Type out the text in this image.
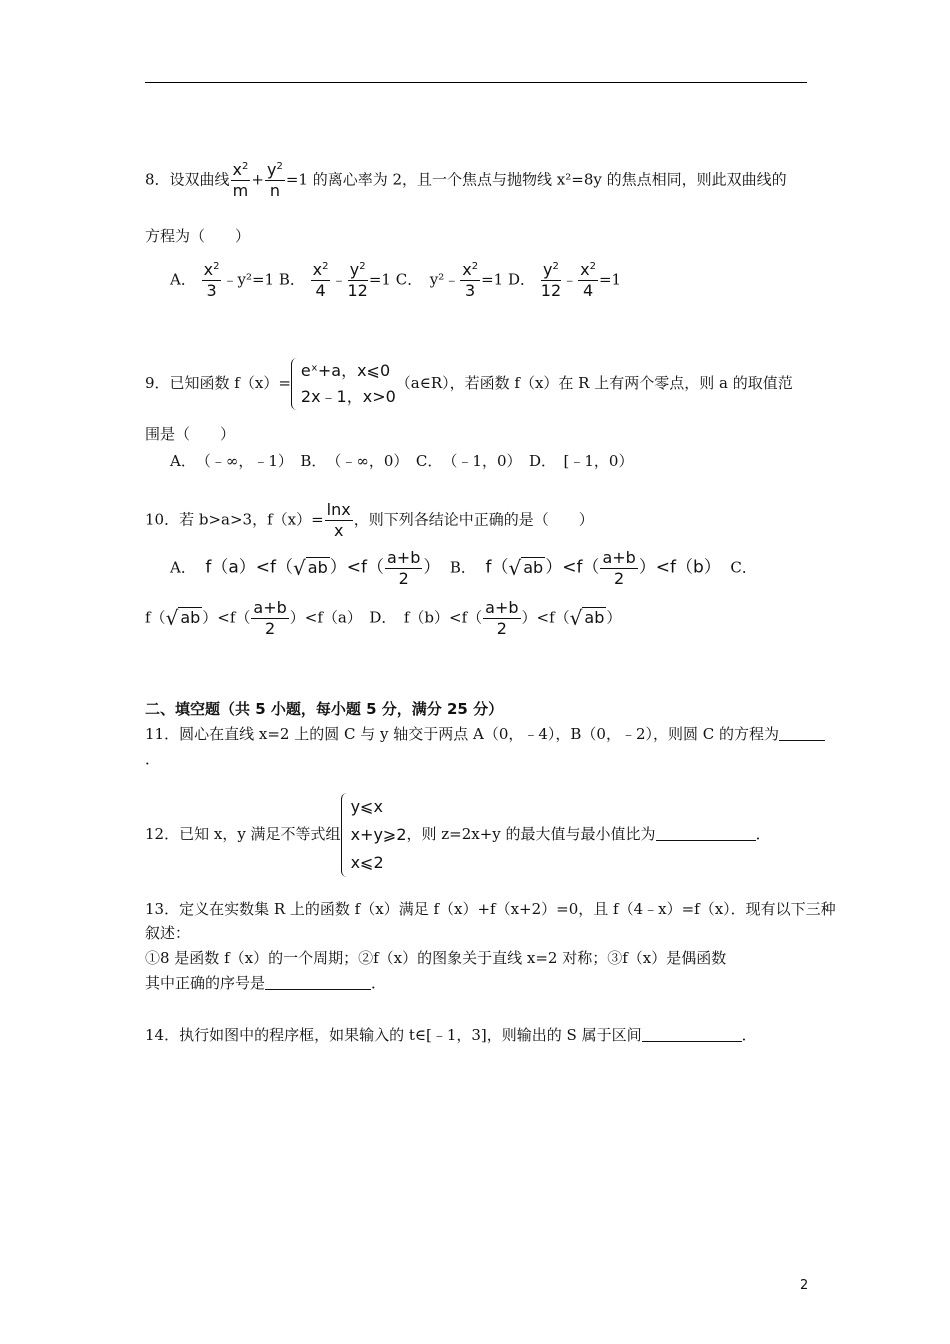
8．设双曲线 $\frac{x^2}{m} + \frac{y^2}{n} =1$ 的离心率为 2，且一个焦点与抛物线 x²=8y 的焦点相同，则此双曲线的
方程为（　　）
A． $\frac{x^2}{3}$ ﹣y²=1 B． $\frac{x^2}{4}$ ﹣ $\frac{y^2}{12} =1$ C．　y²﹣ $\frac{x^2}{3} =1$ D． $\frac{y^2}{12}$ ﹣ $\frac{x^2}{4} =1$
9．已知函数 f（x）=
eˣ+a，x⩽0
2x﹣1，x>0
（a∈R），若函数 f（x）在 R 上有两个零点，则 a 的取值范
围是（　　）
A．　（﹣∞，﹣1）　B．　（﹣∞，0）　C．　（﹣1，0）　D．　[﹣1，0）
10．若 b>a>3，$f(x)= \frac{\ln x}{x}$ ，则下列各结论中正确的是（　　）
A． f（a）<f（√ ab ）$<f( \frac{a+b}{2}$ ） B． f（√ ab ）$<f( \frac{a+b}{2} )<f(b)$ C．
f（√ ab ）$<f( \frac{a+b}{2} )<f(a)$　D．　$f(b)<f( \frac{a+b}{2} )<f(√$ ab ）
二、填空题（共 5 小题，每小题 5 分，满分 25 分）
11．圆心在直线 x=2 上的圆 C 与 y 轴交于两点 A（0，﹣4），B（0，﹣2），则圆 C 的方程为
．
12．已知 x，y 满足不等式组
y⩽x
x+y⩾2
x⩽2
，则 z=2x+y 的最大值与最小值比为	．
13．定义在实数集 R 上的函数 f（x）满足 f（x）+f（x+2）=0，且 f（4﹣x）=f（x）．现有以下三种
叙述：
①8 是函数 f（x）的一个周期；②f（x）的图象关于直线 x=2 对称；③f（x）是偶函数
其中正确的序号是	．
14．执行如图中的程序框，如果输入的 t∈[﹣1，3]，则输出的 S 属于区间	．
2
